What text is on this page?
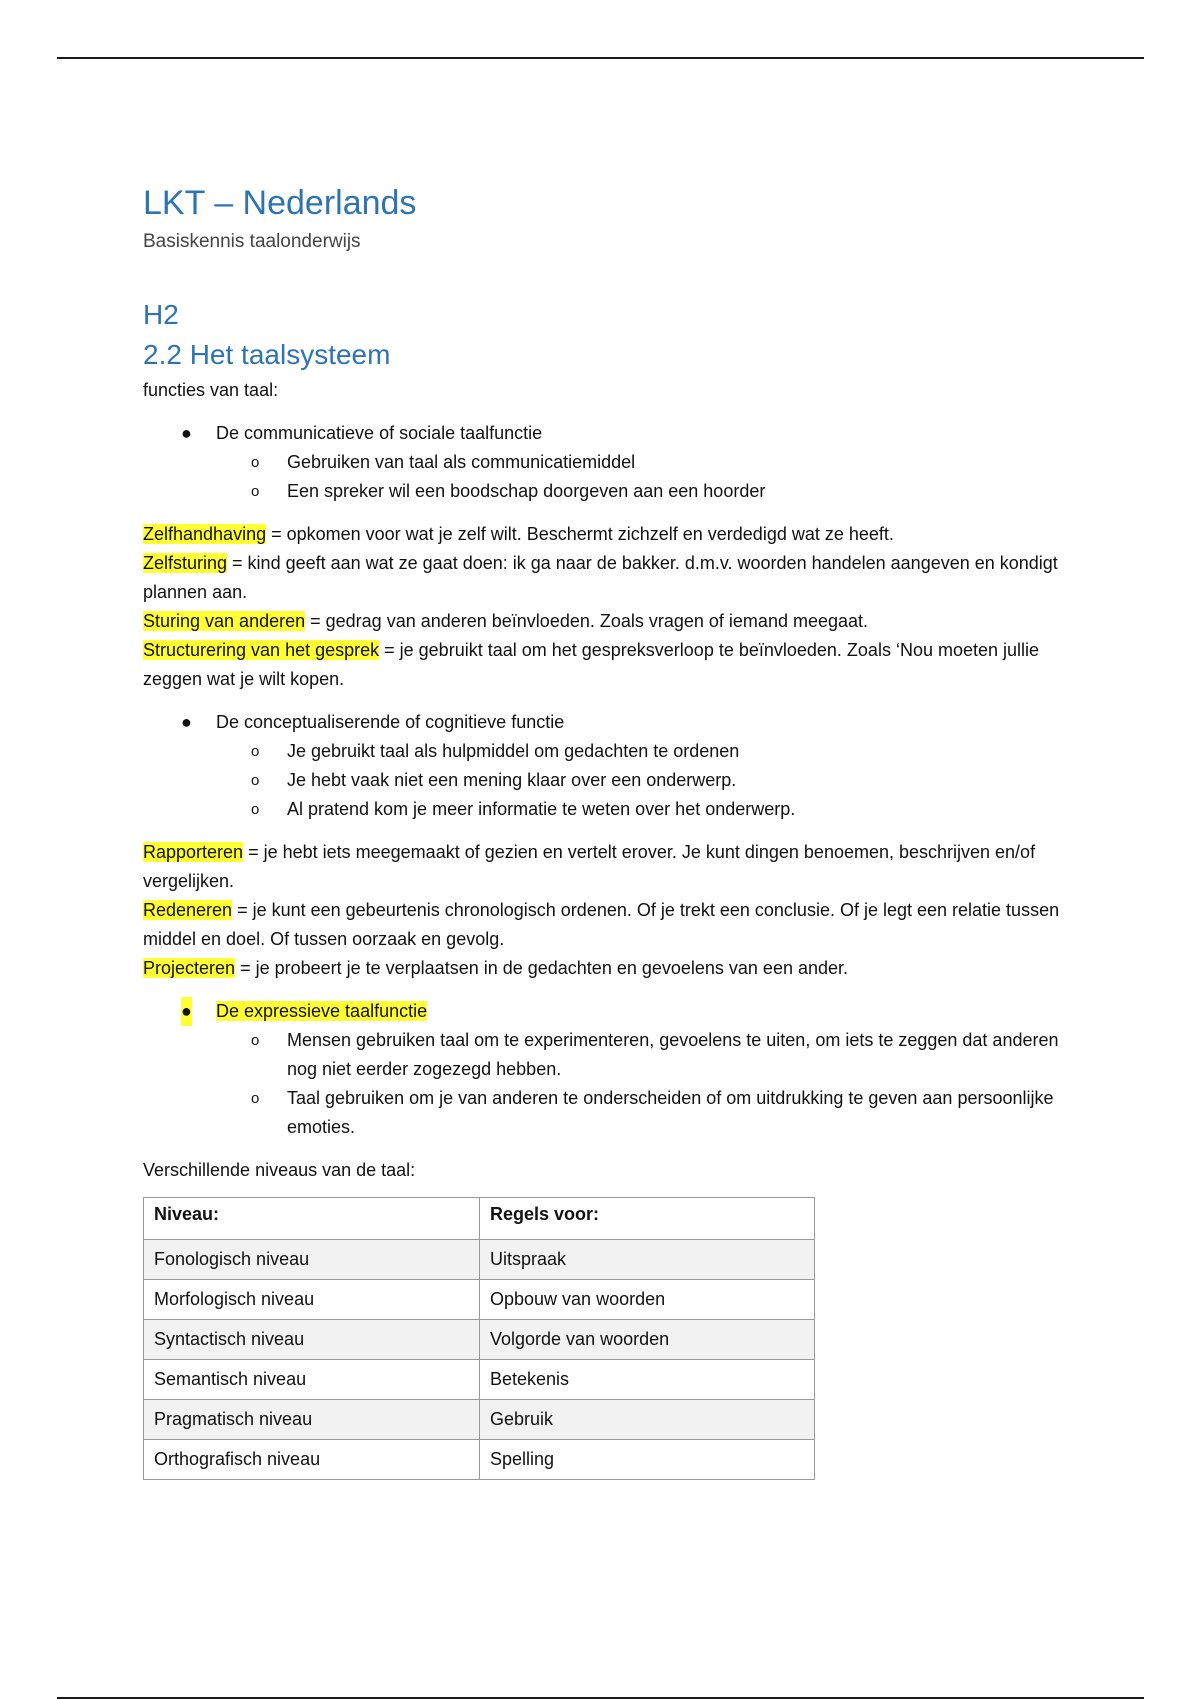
LKT – Nederlands
Basiskennis taalonderwijs
H2
2.2 Het taalsysteem

functies van taal:

● De communicatieve of sociale taalfunctie
o Gebruiken van taal als communicatiemiddel
o Een spreker wil een boodschap doorgeven aan een hoorder

Zelfhandhaving = opkomen voor wat je zelf wilt. Beschermt zichzelf en verdedigd wat ze heeft.

Zelfsturing = kind geeft aan wat ze gaat doen: ik ga naar de bakker. d.m.v. woorden handelen aangeven en kondigt plannen aan.

Sturing van anderen = gedrag van anderen beïnvloeden. Zoals vragen of iemand meegaat.

Structurering van het gesprek = je gebruikt taal om het gespreksverloop te beïnvloeden. Zoals ‘Nou moeten jullie zeggen wat je wilt kopen.

● De conceptualiserende of cognitieve functie
o Je gebruikt taal als hulpmiddel om gedachten te ordenen
o Je hebt vaak niet een mening klaar over een onderwerp.
o Al pratend kom je meer informatie te weten over het onderwerp.

Rapporteren = je hebt iets meegemaakt of gezien en vertelt erover. Je kunt dingen benoemen, beschrijven en/of vergelijken.

Redeneren = je kunt een gebeurtenis chronologisch ordenen. Of je trekt een conclusie. Of je legt een relatie tussen middel en doel. Of tussen oorzaak en gevolg.

Projecteren = je probeert je te verplaatsen in de gedachten en gevoelens van een ander.

● De expressieve taalfunctie
o Mensen gebruiken taal om te experimenteren, gevoelens te uiten, om iets te zeggen dat anderen nog niet eerder zogezegd hebben.
o Taal gebruiken om je van anderen te onderscheiden of om uitdrukking te geven aan persoonlijke emoties.

Verschillende niveaus van de taal:

Niveau:	Regels voor:
Fonologisch niveau	Uitspraak
Morfologisch niveau	Opbouw van woorden
Syntactisch niveau	Volgorde van woorden
Semantisch niveau	Betekenis
Pragmatisch niveau	Gebruik
Orthografisch niveau	Spelling
